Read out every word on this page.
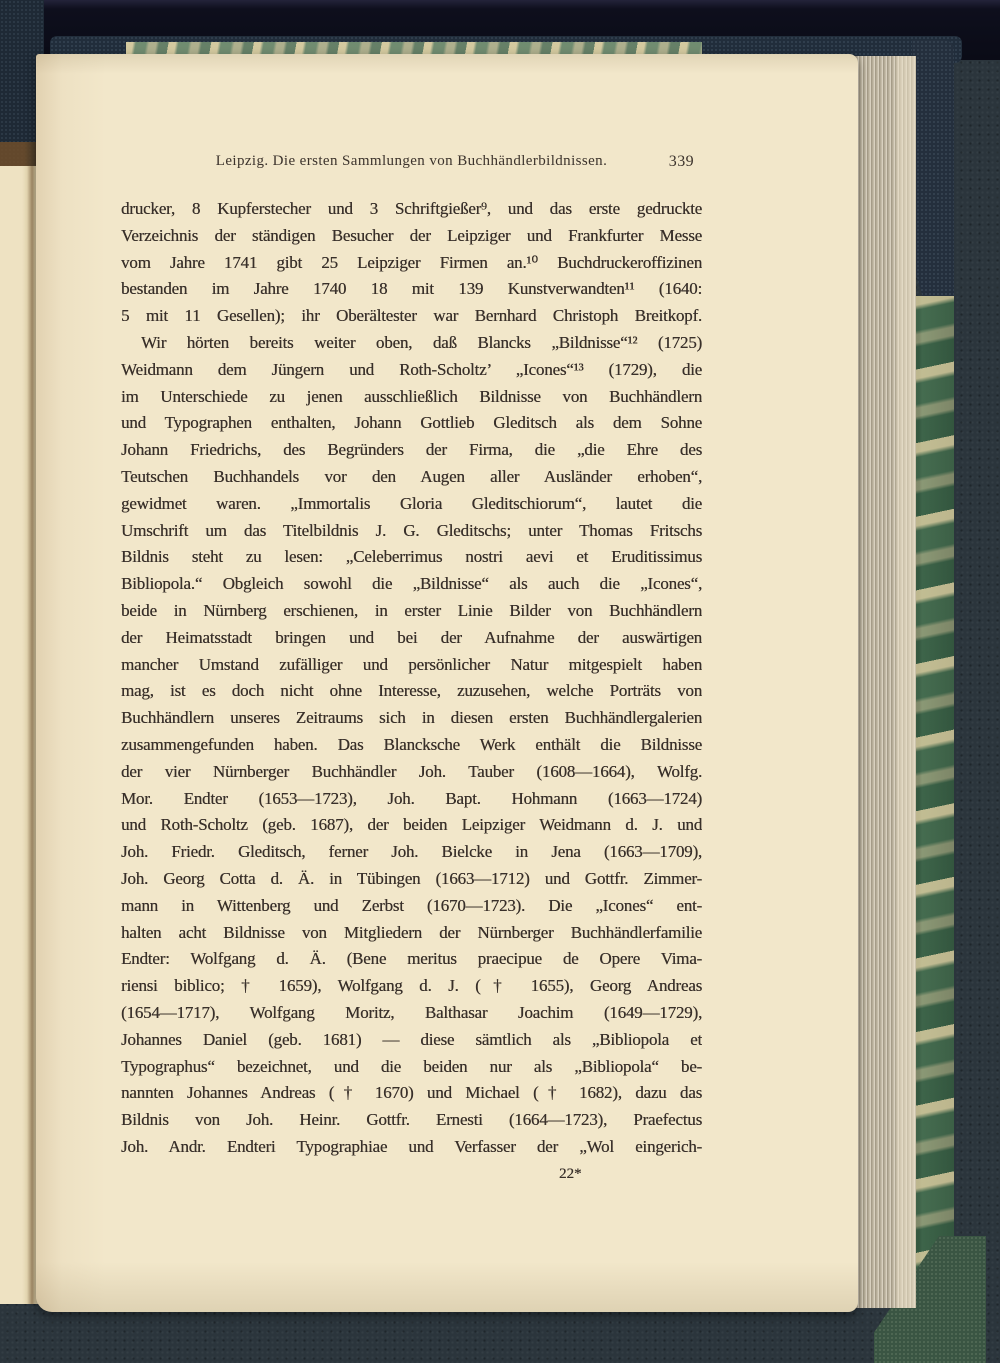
Leipzig. Die ersten Sammlungen von Buchhändlerbildnissen.	339
drucker, 8 Kupferstecher und 3 Schriftgießer⁹, und das erste gedruckte
Verzeichnis der ständigen Besucher der Leipziger und Frankfurter Messe
vom Jahre 1741 gibt 25 Leipziger Firmen an.¹⁰ Buchdruckeroffizinen
bestanden im Jahre 1740 18 mit 139 Kunstverwandten¹¹ (1640:
5 mit 11 Gesellen); ihr Oberältester war Bernhard Christoph Breitkopf.
Wir hörten bereits weiter oben, daß Blancks „Bildnisse“¹² (1725)
Weidmann dem Jüngern und Roth-Scholtz’ „Icones“¹³ (1729), die
im Unterschiede zu jenen ausschließlich Bildnisse von Buchhändlern
und Typographen enthalten, Johann Gottlieb Gleditsch als dem Sohne
Johann Friedrichs, des Begründers der Firma, die „die Ehre des
Teutschen Buchhandels vor den Augen aller Ausländer erhoben“,
gewidmet waren. „Immortalis Gloria Gleditschiorum“, lautet die
Umschrift um das Titelbildnis J. G. Gleditschs; unter Thomas Fritschs
Bildnis steht zu lesen: „Celeberrimus nostri aevi et Eruditissimus
Bibliopola.“ Obgleich sowohl die „Bildnisse“ als auch die „Icones“,
beide in Nürnberg erschienen, in erster Linie Bilder von Buchhändlern
der Heimatsstadt bringen und bei der Aufnahme der auswärtigen
mancher Umstand zufälliger und persönlicher Natur mitgespielt haben
mag, ist es doch nicht ohne Interesse, zuzusehen, welche Porträts von
Buchhändlern unseres Zeitraums sich in diesen ersten Buchhändlergalerien
zusammengefunden haben. Das Blancksche Werk enthält die Bildnisse
der vier Nürnberger Buchhändler Joh. Tauber (1608—1664), Wolfg.
Mor. Endter (1653—1723), Joh. Bapt. Hohmann (1663—1724)
und Roth-Scholtz (geb. 1687), der beiden Leipziger Weidmann d. J. und
Joh. Friedr. Gleditsch, ferner Joh. Bielcke in Jena (1663—1709),
Joh. Georg Cotta d. Ä. in Tübingen (1663—1712) und Gottfr. Zimmer-
mann in Wittenberg und Zerbst (1670—1723). Die „Icones“ ent-
halten acht Bildnisse von Mitgliedern der Nürnberger Buchhändlerfamilie
Endter: Wolfgang d. Ä. (Bene meritus praecipue de Opere Vima-
riensi biblico; † 1659), Wolfgang d. J. († 1655), Georg Andreas
(1654—1717), Wolfgang Moritz, Balthasar Joachim (1649—1729),
Johannes Daniel (geb. 1681) — diese sämtlich als „Bibliopola et
Typographus“ bezeichnet, und die beiden nur als „Bibliopola“ be-
nannten Johannes Andreas († 1670) und Michael († 1682), dazu das
Bildnis von Joh. Heinr. Gottfr. Ernesti (1664—1723), Praefectus
Joh. Andr. Endteri Typographiae und Verfasser der „Wol eingerich-
22*
